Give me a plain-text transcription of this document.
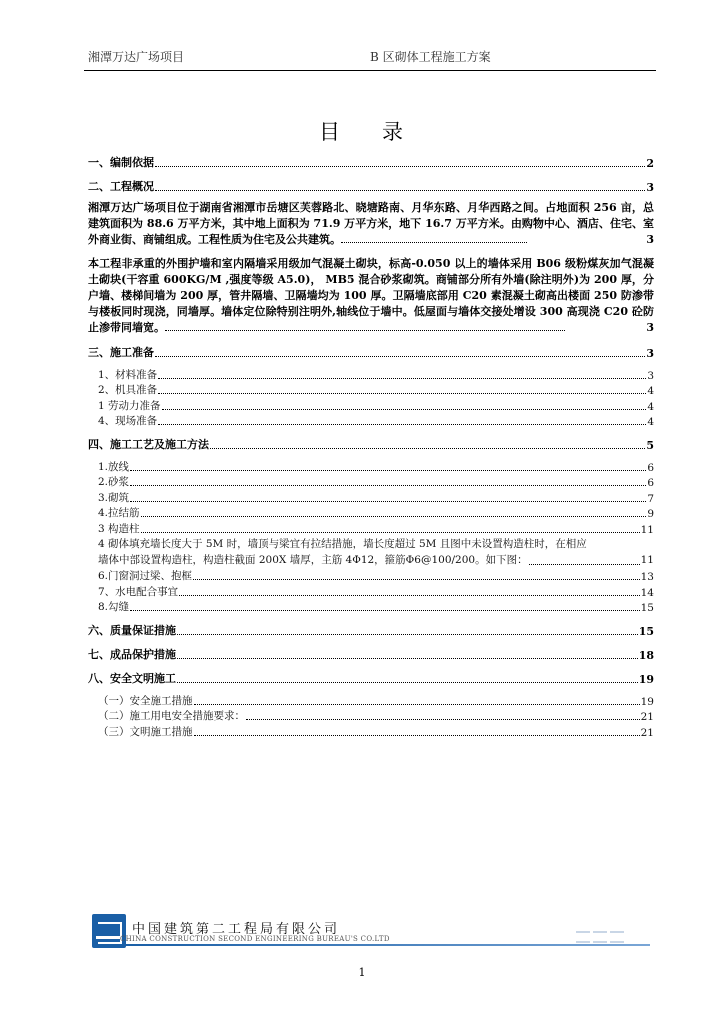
湘潭万达广场项目	B 区砌体工程施工方案
目 录
一、编制依据	2
二、工程概况	3
湘潭万达广场项目位于湖南省湘潭市岳塘区芙蓉路北、晓塘路南、月华东路、月华西路之间。占地面积 256 亩，总建筑面积为 88.6 万平方米，其中地上面积为 71.9 万平方米，地下 16.7 万平方米。由购物中心、酒店、住宅、室外商业街、商铺组成。工程性质为住宅及公共建筑。	3
本工程非承重的外围护墙和室内隔墙采用级加气混凝土砌块，标高-0.050 以上的墙体采用 B06 级粉煤灰加气混凝土砌块(干容重 600KG/M ,强度等级 A5.0)， MB5 混合砂浆砌筑。商铺部分所有外墙(除注明外)为 200 厚，分户墙、楼梯间墙为 200 厚，管井隔墙、卫隔墙均为 100 厚。卫隔墙底部用 C20 素混凝土砌高出楼面 250 防渗带与楼板同时现浇，同墙厚。墙体定位除特别注明外,轴线位于墙中。低屋面与墙体交接处增设 300 高现浇 C20 砼防止渗带同墙宽。	3
三、施工准备	3
1、材料准备	3
2、机具准备	4
1 劳动力准备	4
4、现场准备	4
四、施工工艺及施工方法	5
1.放线	6
2.砂浆	6
3.砌筑	7
4.拉结筋	9
3 构造柱	11
4 砌体填充墙长度大于 5M 时，墙顶与梁宜有拉结措施，墙长度超过 5M 且图中未设置构造柱时，在相应
墙体中部设置构造柱，构造柱截面 200X 墙厚，主筋 4Φ12，箍筋Φ6@100/200。如下图：	11
6.门窗洞过梁、抱框	13
7、水电配合事宜	14
8.勾缝	15
六、质量保证措施	15
七、成品保护措施	18
八、安全文明施工	19
（一）安全施工措施	19
（二）施工用电安全措施要求：	21
（三）文明施工措施	21
中国建筑第二工程局有限公司
CHINA CONSTRUCTION SECOND ENGINEERING BUREAU'S CO.LTD
1
